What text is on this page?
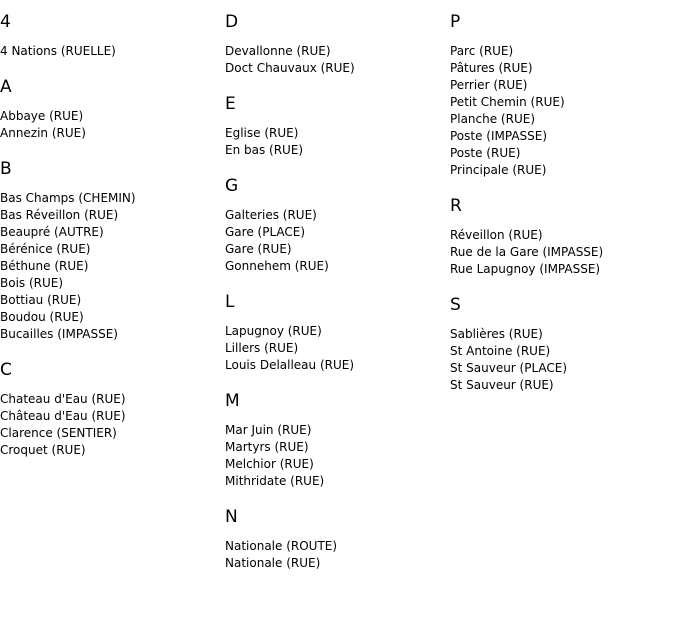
4
4 Nations (RUELLE)
A
Abbaye (RUE)
Annezin (RUE)
B
Bas Champs (CHEMIN)
Bas Réveillon (RUE)
Beaupré (AUTRE)
Bérénice (RUE)
Béthune (RUE)
Bois (RUE)
Bottiau (RUE)
Boudou (RUE)
Bucailles (IMPASSE)
C
Chateau d'Eau (RUE)
Château d'Eau (RUE)
Clarence (SENTIER)
Croquet (RUE)
D
Devallonne (RUE)
Doct Chauvaux (RUE)
E
Eglise (RUE)
En bas (RUE)
G
Galteries (RUE)
Gare (PLACE)
Gare (RUE)
Gonnehem (RUE)
L
Lapugnoy (RUE)
Lillers (RUE)
Louis Delalleau (RUE)
M
Mar Juin (RUE)
Martyrs (RUE)
Melchior (RUE)
Mithridate (RUE)
N
Nationale (ROUTE)
Nationale (RUE)
P
Parc (RUE)
Pâtures (RUE)
Perrier (RUE)
Petit Chemin (RUE)
Planche (RUE)
Poste (IMPASSE)
Poste (RUE)
Principale (RUE)
R
Réveillon (RUE)
Rue de la Gare (IMPASSE)
Rue Lapugnoy (IMPASSE)
S
Sablières (RUE)
St Antoine (RUE)
St Sauveur (PLACE)
St Sauveur (RUE)
